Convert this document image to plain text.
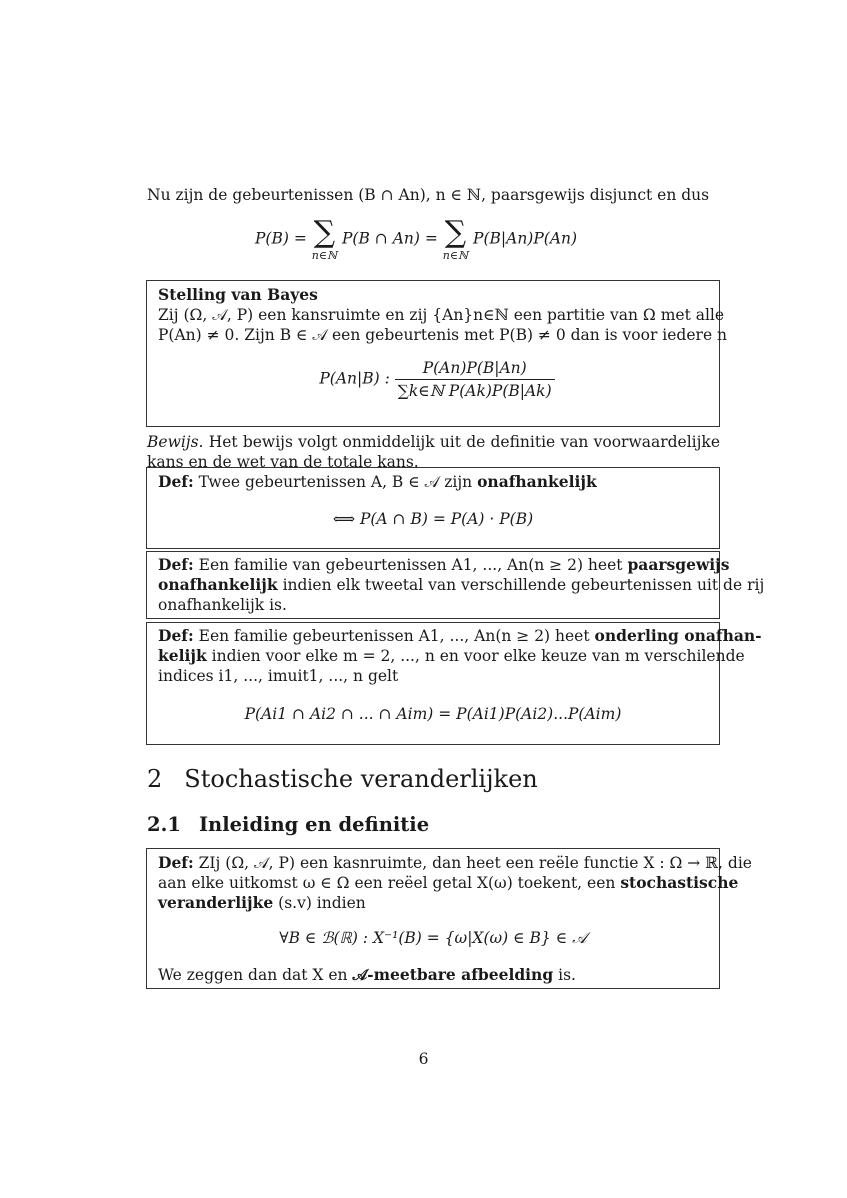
Nu zijn de gebeurtenissen (B ∩ An), n ∈ ℕ, paarsgewijs disjunct en dus
P(B) = ∑
n∈ℕ
P(B ∩ An) = ∑
n∈ℕ
P(B|An)P(An)
Stelling van Bayes
Zij (Ω, 𝒜, P) een kansruimte en zij {An}n∈ℕ een partitie van Ω met alle
P(An) ≠ 0. Zijn B ∈ 𝒜 een gebeurtenis met P(B) ≠ 0 dan is voor iedere n
P(An|B) : $\frac{P(An)P(B|An)}{\text{∑k∈ℕ P(Ak)P(B|Ak)}}$
Bewijs. Het bewijs volgt onmiddelijk uit de definitie van voorwaardelijke
kans en de wet van de totale kans.
Def: Twee gebeurtenissen A, B ∈ 𝒜 zijn onafhankelijk
⟺ P(A ∩ B) = P(A) · P(B)
Def: Een familie van gebeurtenissen A1, ..., An(n ≥ 2) heet paarsgewijs
onafhankelijk indien elk tweetal van verschillende gebeurtenissen uit de rij
onafhankelijk is.
Def: Een familie gebeurtenissen A1, ..., An(n ≥ 2) heet onderling onafhan-
kelijk indien voor elke m = 2, ..., n en voor elke keuze van m verschilende
indices i1, ..., imuit1, ..., n gelt
P(Ai1 ∩ Ai2 ∩ ... ∩ Aim) = P(Ai1)P(Ai2)...P(Aim)
2 Stochastische veranderlijken
2.1 Inleiding en definitie
Def: ZIj (Ω, 𝒜, P) een kasnruimte, dan heet een reële functie X : Ω → ℝ, die
aan elke uitkomst ω ∈ Ω een reëel getal X(ω) toekent, een stochastische
veranderlijke (s.v) indien
∀B ∈ ℬ(ℝ) : X⁻¹(B) = {ω|X(ω) ∈ B} ∈ 𝒜
We zeggen dan dat X en 𝒜-meetbare afbeelding is.
6
